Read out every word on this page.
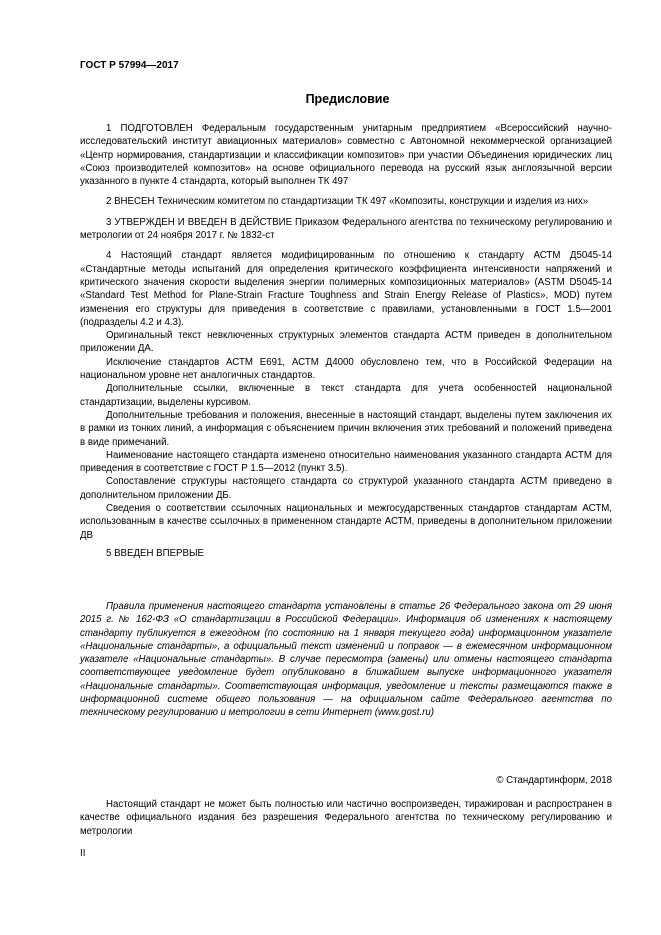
ГОСТ Р 57994—2017
Предисловие

1 ПОДГОТОВЛЕН Федеральным государственным унитарным предприятием «Всероссийский научно-исследовательский институт авиационных материалов» совместно с Автономной некоммерческой организацией «Центр нормирования, стандартизации и классификации композитов» при участии Объединения юридических лиц «Союз производителей композитов» на основе официального перевода на русский язык англоязычной версии указанного в пункте 4 стандарта, который выполнен ТК 497

2 ВНЕСЕН Техническим комитетом по стандартизации ТК 497 «Композиты, конструкции и изделия из них»

3 УТВЕРЖДЕН И ВВЕДЕН В ДЕЙСТВИЕ Приказом Федерального агентства по техническому регулированию и метрологии от 24 ноября 2017 г. № 1832-ст

4 Настоящий стандарт является модифицированным по отношению к стандарту АСТМ Д5045-14 «Стандартные методы испытаний для определения критического коэффициента интенсивности напряжений и критического значения скорости выделения энергии полимерных композиционных материалов» (ASTM D5045-14 «Standard Test Method for Plane-Strain Fracture Toughness and Strain Energy Release of Plastics», MOD) путем изменения его структуры для приведения в соответствие с правилами, установленными в ГОСТ 1.5—2001 (подразделы 4.2 и 4.3).

Оригинальный текст невключенных структурных элементов стандарта АСТМ приведен в дополнительном приложении ДА.

Исключение стандартов АСТМ Е691, АСТМ Д4000 обусловлено тем, что в Российской Федерации на национальном уровне нет аналогичных стандартов.

Дополнительные ссылки, включенные в текст стандарта для учета особенностей национальной стандартизации, выделены курсивом.

Дополнительные требования и положения, внесенные в настоящий стандарт, выделены путем заключения их в рамки из тонких линий, а информация с объяснением причин включения этих требований и положений приведена в виде примечаний.

Наименование настоящего стандарта изменено относительно наименования указанного стандарта АСТМ для приведения в соответствие с ГОСТ Р 1.5—2012 (пункт 3.5).

Сопоставление структуры настоящего стандарта со структурой указанного стандарта АСТМ приведено в дополнительном приложении ДБ.

Сведения о соответствии ссылочных национальных и межгосударственных стандартов стандартам АСТМ, использованным в качестве ссылочных в примененном стандарте АСТМ, приведены в дополнительном приложении ДВ

5 ВВЕДЕН ВПЕРВЫЕ

Правила применения настоящего стандарта установлены в статье 26 Федерального закона от 29 июня 2015 г. № 162-ФЗ «О стандартизации в Российской Федерации». Информация об изменениях к настоящему стандарту публикуется в ежегодном (по состоянию на 1 января текущего года) информационном указателе «Национальные стандарты», а официальный текст изменений и поправок — в ежемесячном информационном указателе «Национальные стандарты». В случае пересмотра (замены) или отмены настоящего стандарта соответствующее уведомление будет опубликовано в ближайшем выпуске информационного указателя «Национальные стандарты». Соответствующая информация, уведомление и тексты размещаются также в информационной системе общего пользования — на официальном сайте Федерального агентства по техническому регулированию и метрологии в сети Интернет (www.gost.ru)

© Стандартинформ, 2018

Настоящий стандарт не может быть полностью или частично воспроизведен, тиражирован и распространен в качестве официального издания без разрешения Федерального агентства по техническому регулированию и метрологии

II
